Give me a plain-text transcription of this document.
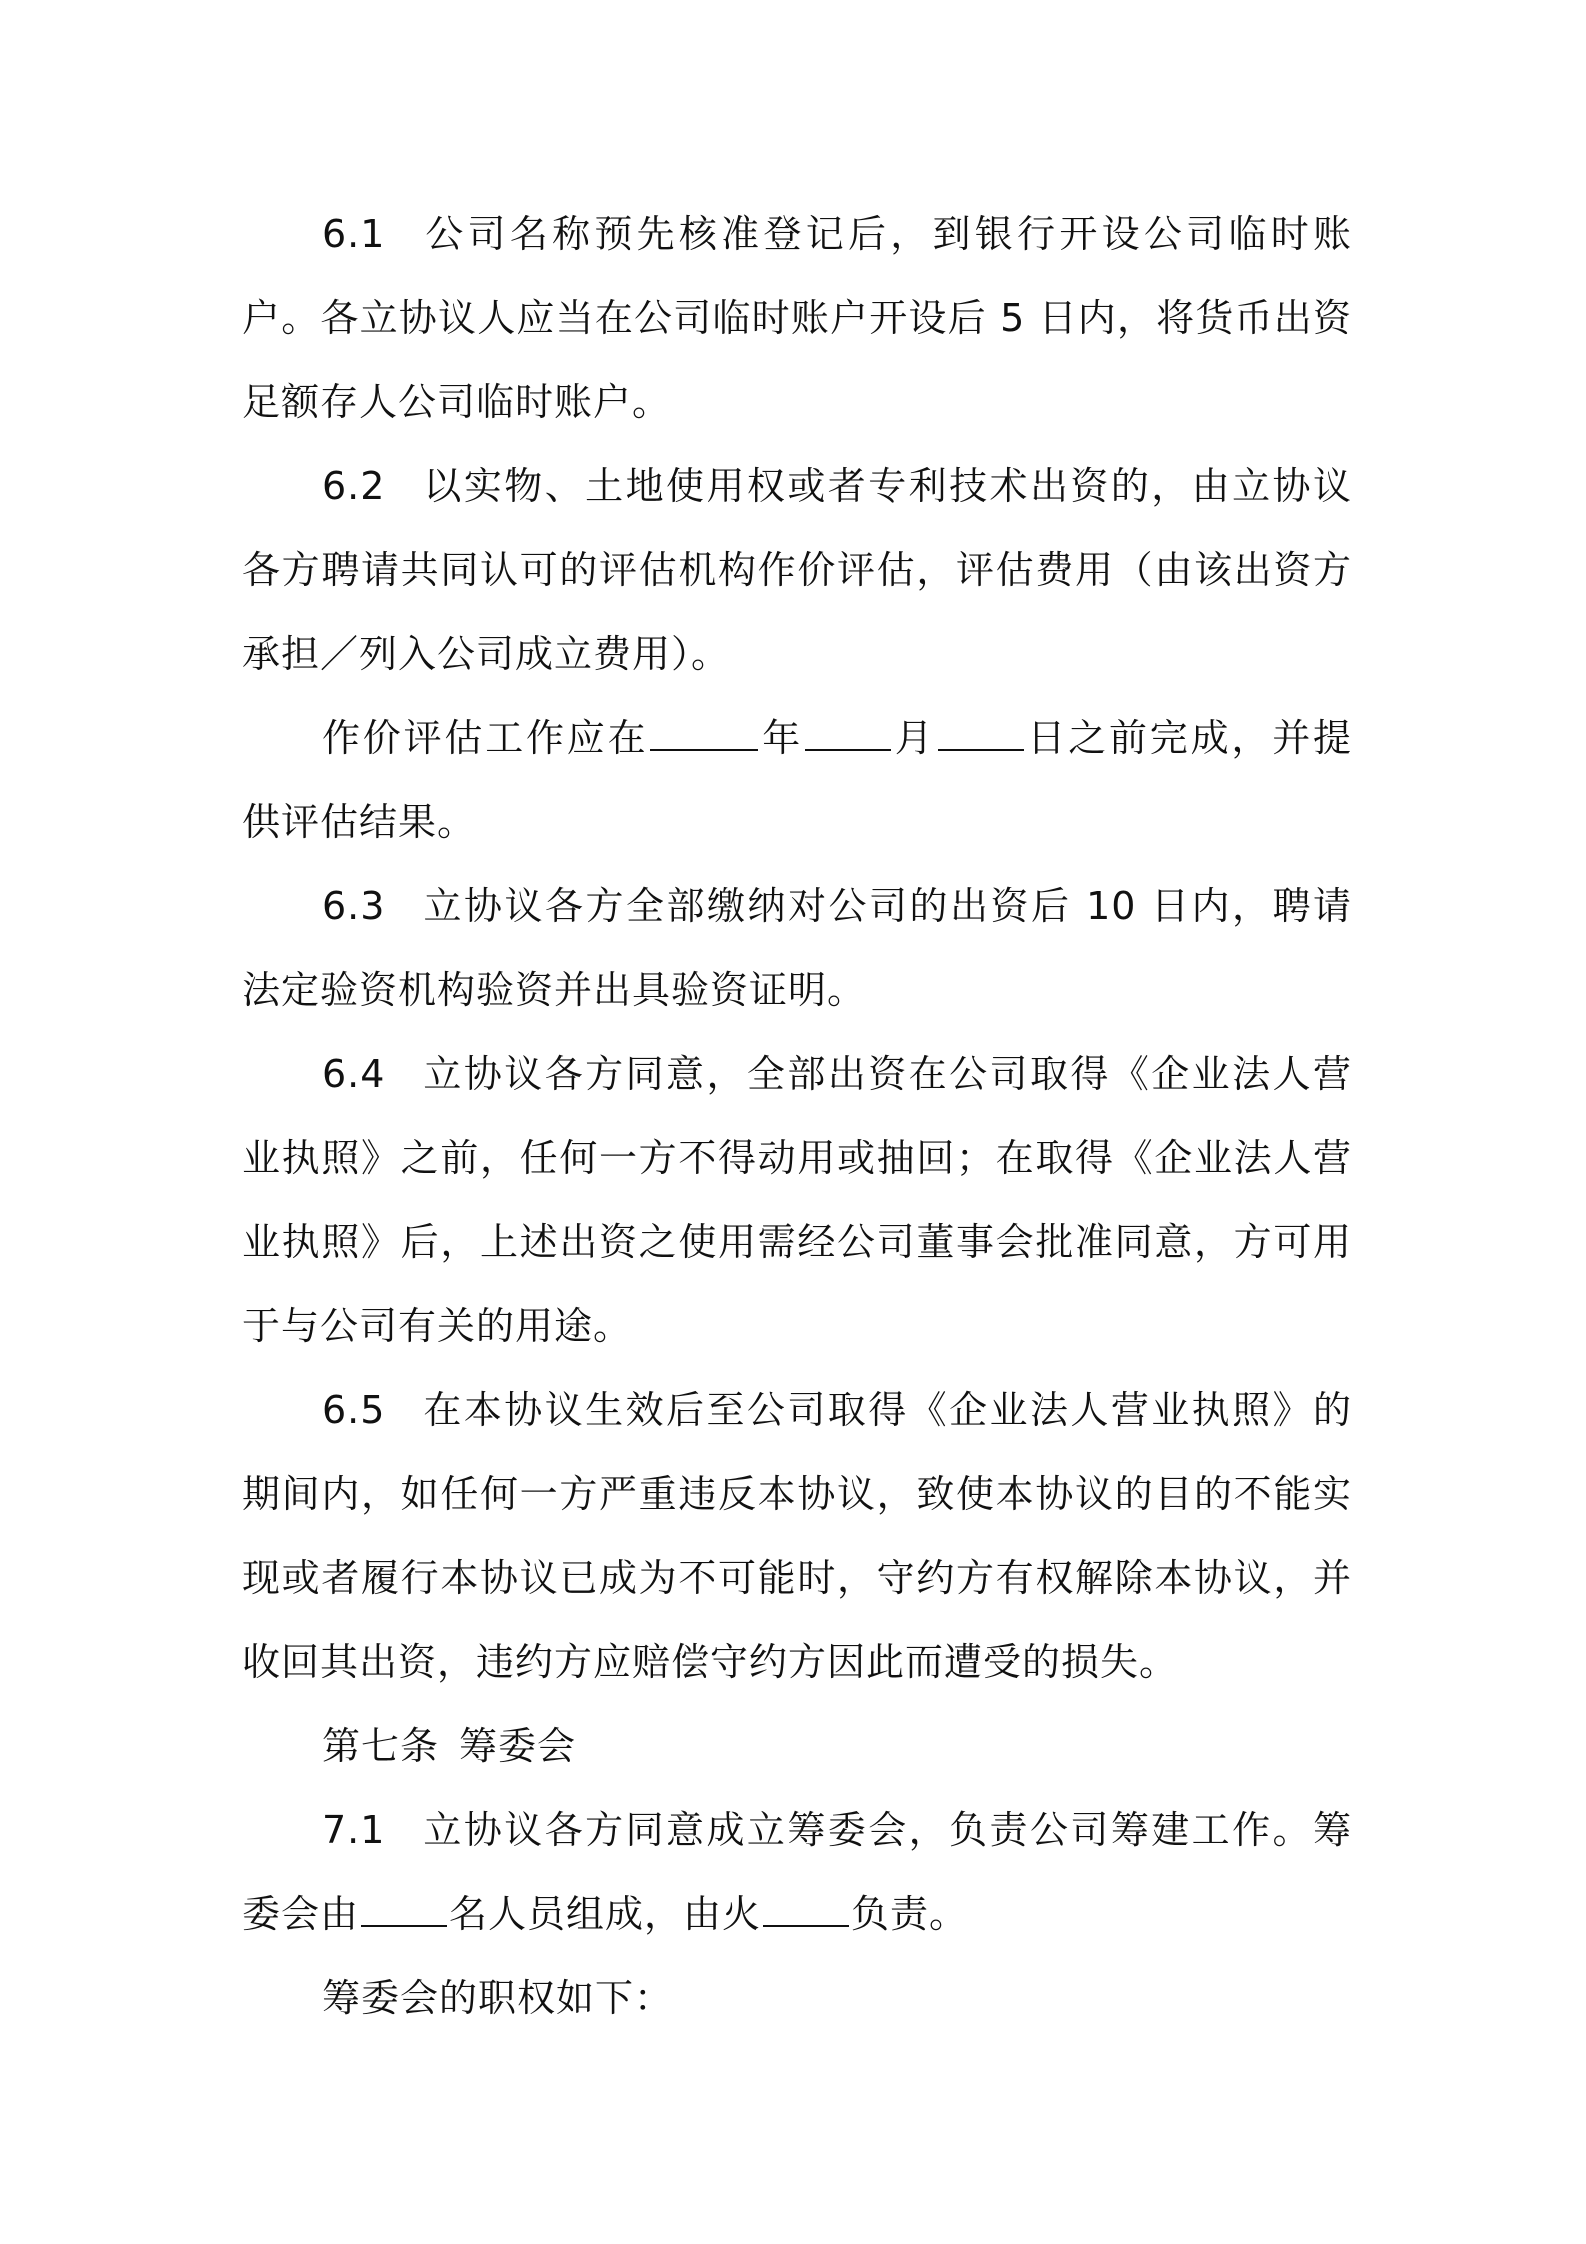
6.1 公司名称预先核准登记后，到银行开设公司临时账户。各立协议人应当在公司临时账户开设后 5 日内，将货币出资足额存人公司临时账户。

6.2 以实物、土地使用权或者专利技术出资的，由立协议各方聘请共同认可的评估机构作价评估，评估费用（由该出资方承担／列入公司成立费用）。

作价评估工作应在	年 月 日之前完成，并提供评估结果。

6.3 立协议各方全部缴纳对公司的出资后 10 日内，聘请法定验资机构验资并出具验资证明。

6.4 立协议各方同意，全部出资在公司取得《企业法人营业执照》之前，任何一方不得动用或抽回；在取得《企业法人营业执照》后，上述出资之使用需经公司董事会批准同意，方可用于与公司有关的用途。

6.5 在本协议生效后至公司取得《企业法人营业执照》的期间内，如任何一方严重违反本协议，致使本协议的目的不能实现或者履行本协议已成为不可能时，守约方有权解除本协议，并收回其出资，违约方应赔偿守约方因此而遭受的损失。

第七条 筹委会

7.1 立协议各方同意成立筹委会，负责公司筹建工作。筹委会由 名人员组成，由火 负责。

筹委会的职权如下：
